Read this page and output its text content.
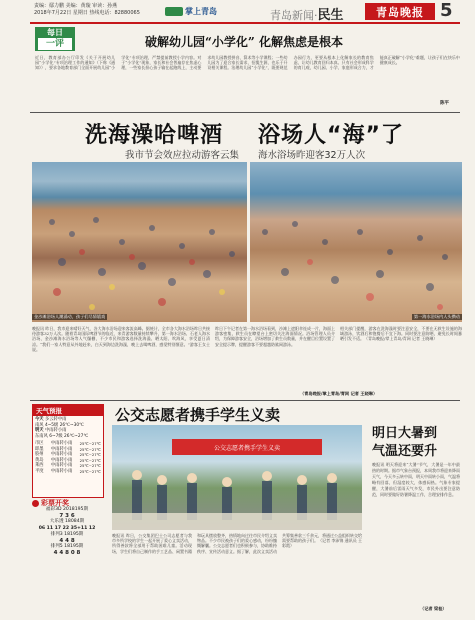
责编：鄢力鹏 美编：黄璇 审读：孙燕
2018年7月22日 星期日 热线电话：82880065	掌上青岛	青岛新闻·民生	青岛晚报 5
每日
一评	破解幼儿园“小学化” 化解焦虑是根本
近日，教育部办公厅印发《关于开展幼儿园“小学化”专项治理工作的通知》（下称《通知》），要求各地教育部门全面开展幼儿园“小学化”专项治理，严禁提前教授小学内容。对于“小学化”现象，家长和社会普遍存在焦虑心理，一些家长担心孩子输在起跑线上，主动要求幼儿园教授拼音、算术等小学课程；一些幼儿园为了迎合家长需求，招揽生源，也乐于开设相关课程。治理幼儿园“小学化”，既要规范办园行为，更要从根本上化解家长的教育焦虑，让幼儿教育回归本真。只有社会形成科学的育儿观，幼儿园、小学、家庭形成合力，才能真正破解“小学化”难题，让孩子们在快乐中健康成长。
陈平
洗海澡哈啤酒 浴场人“海”了
我市节会效应拉动游客云集 海水浴场昨迎客32万人次
金沙滩浴场人潮涌动，孩子们尽情嬉戏	第一海水浴场内人头攒动
晚报讯 昨日，我市迎来晴好天气，各大海水浴场迎来客流高峰。据统计，全市各大海水浴场昨日共接待游客32万人次。随着青岛国际啤酒节的临近，来青游客数量持续攀升，第一海水浴场、石老人海水浴场、金沙滩海水浴场等人气爆棚，不少市民和游客选择洗海澡、晒太阳、吹海风，享受夏日清凉。“我们一家人特意从外地赶来，白天到海边洗海澡，晚上去喝啤酒，感觉特别惬意。”游客王女士说。
昨日下午记者在第一海水浴场看到，沙滩上遮阳伞连成一片，海面上游客密集，救生员在瞭望台上密切关注海面情况。浴场管理人员介绍，为保障游客安全，浴场增加了救生员数量，并在醒目位置设置了安全提示牌，提醒游客不要超越防鲨网游泳。
相关部门提醒，游客在洗海澡时要注意安全，不要在无救生设施的海域游泳，饮酒后和饱餐后不宜下海。同时要注意防晒，避免长时间暴晒引发不适。（青岛晚报/掌上青岛/青网 记者 王晓琳）
（青岛晚报/掌上青岛/青网 记者 王晓琳）
天气预报
今天 多云转中雨
南风 4~5级 26℃~30℃
明天 中雨转小雨
东南风 6~7级 26℃~27℃
市区 中雨转小雨 25℃~27℃
即墨 中雨转小雨 25℃~27℃
胶州 中雨转小雨 25℃~27℃
黄岛 中雨转小雨 25℃~27℃
莱西 中雨转小雨 25℃~27℃
平度 中雨转小雨 25℃~27℃
彩票开奖
福彩3D 2018195期
7 3 6
大乐透 18084期
06 11 17 22 35+11 12
排列3 18195期
4 4 8
排列5 18195期
4 4 8 0 8
公交志愿者携手学生义卖
公交志愿者携手学生义卖
晚报讯 昨日，公交集团巴士公司志愿者与我市多所学校的学生一起开展了爱心义卖活动，所得善款将全部用于帮助困难儿童。活动现场，学生们将自己制作的手工艺品、闲置书籍和玩具摆放整齐，热情地向过往市民介绍义卖物品。不少市民被孩子们的爱心感动，纷纷慷慨解囊。公交志愿者们也积极参与，协助维持秩序、宣传活动意义。据了解，此次义卖活动共筹集善款三千余元，将通过公益组织转交给需要帮助的孩子们。（记者 李沛锦 通讯员 王彩霞）
明日大暑到
气温还要升
晚报讯 明天将迎来“大暑”节气，大暑是一年中最热的时期。据市气象台预报，本周我市将迎来降雨天气，今天多云转中雨，明天中雨转小雨，气温将略有回落，但湿度较大，体感闷热。气象专家提醒，大暑前后雷雨天气多发，市民外出要注意防范，同时要做好防暑降温工作，合理安排作息。
（记者 梁桂）
